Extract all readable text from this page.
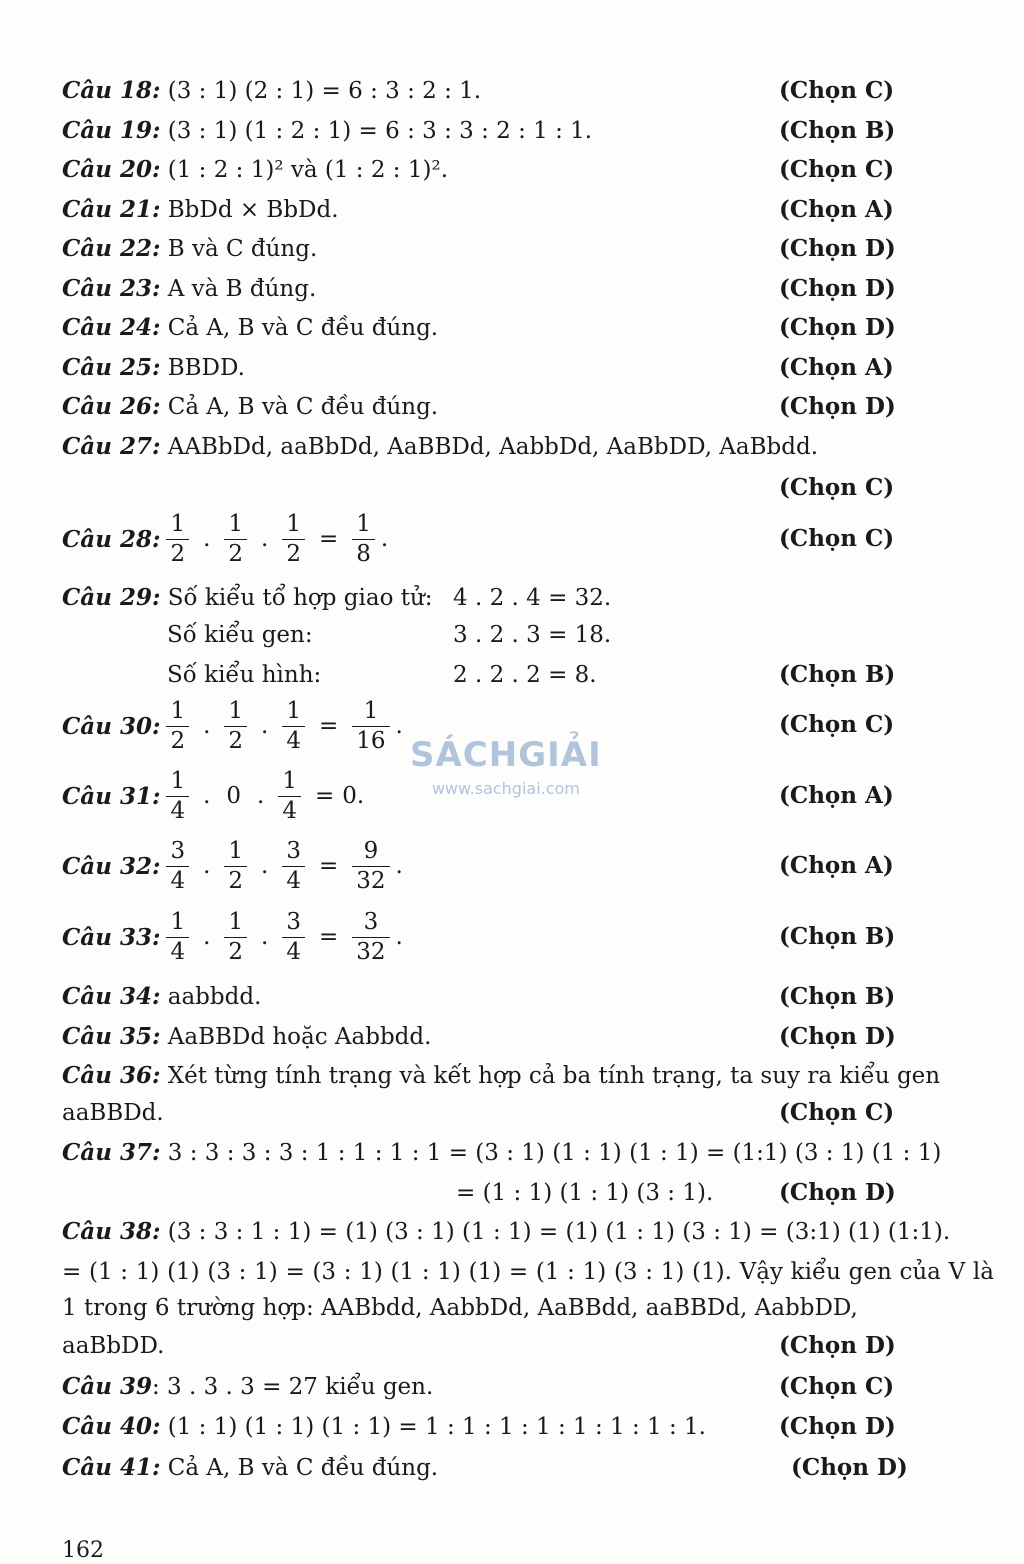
Câu 18: (3 : 1) (2 : 1) = 6 : 3 : 2 : 1.	(Chọn C)
Câu 19: (3 : 1) (1 : 2 : 1) = 6 : 3 : 3 : 2 : 1 : 1.	(Chọn B)
Câu 20: (1 : 2 : 1)² và (1 : 2 : 1)².	(Chọn C)
Câu 21: BbDd × BbDd.	(Chọn A)
Câu 22: B và C đúng.	(Chọn D)
Câu 23: A và B đúng.	(Chọn D)
Câu 24: Cả A, B và C đều đúng.	(Chọn D)
Câu 25: BBDD.	(Chọn A)
Câu 26: Cả A, B và C đều đúng.	(Chọn D)
Câu 27: AABbDd, aaBbDd, AaBBDd, AabbDd, AaBbDD, AaBbdd.
(Chọn C)
Câu 28: $\frac{1}{2}$ . $\frac{1}{2}$ . $\frac{1}{2} = \frac{1}{8}$ .	(Chọn C)
Câu 29: Số kiểu tổ hợp giao tử: 4 . 2 . 4 = 32.
Số kiểu gen:	3 . 2 . 3 = 18.
Số kiểu hình:	2 . 2 . 2 = 8.	(Chọn B)
Câu 30: $\frac{1}{2}$ . $\frac{1}{2}$ . $\frac{1}{4} = \frac{1}{16}$ .	(Chọn C)
Câu 31: $\frac{1}{4}$ . 0 . $\frac{1}{4} = 0$.	(Chọn A)
Câu 32: $\frac{3}{4}$ . $\frac{1}{2}$ . $\frac{3}{4} = \frac{9}{32}$ .	(Chọn A)
Câu 33: $\frac{1}{4}$ . $\frac{1}{2}$ . $\frac{3}{4} = \frac{3}{32}$ .	(Chọn B)
Câu 34: aabbdd.	(Chọn B)
Câu 35: AaBBDd hoặc Aabbdd.	(Chọn D)
Câu 36: Xét từng tính trạng và kết hợp cả ba tính trạng, ta suy ra kiểu gen
aaBBDd.	(Chọn C)
Câu 37: 3 : 3 : 3 : 3 : 1 : 1 : 1 : 1 = (3 : 1) (1 : 1) (1 : 1) = (1:1) (3 : 1) (1 : 1)
= (1 : 1) (1 : 1) (3 : 1).	(Chọn D)
Câu 38: (3 : 3 : 1 : 1) = (1) (3 : 1) (1 : 1) = (1) (1 : 1) (3 : 1) = (3:1) (1) (1:1).
= (1 : 1) (1) (3 : 1) = (3 : 1) (1 : 1) (1) = (1 : 1) (3 : 1) (1). Vậy kiểu gen của V là 1 trong 6 trường hợp: AABbdd, AabbDd, AaBBdd, aaBBDd, AabbDD,
aaBbDD.	(Chọn D)
Câu 39: 3 . 3 . 3 = 27 kiểu gen.	(Chọn C)
Câu 40: (1 : 1) (1 : 1) (1 : 1) = 1 : 1 : 1 : 1 : 1 : 1 : 1 : 1.	(Chọn D)
Câu 41: Cả A, B và C đều đúng.	(Chọn D)
SÁCHGIẢI
www.sachgiai.com
162
